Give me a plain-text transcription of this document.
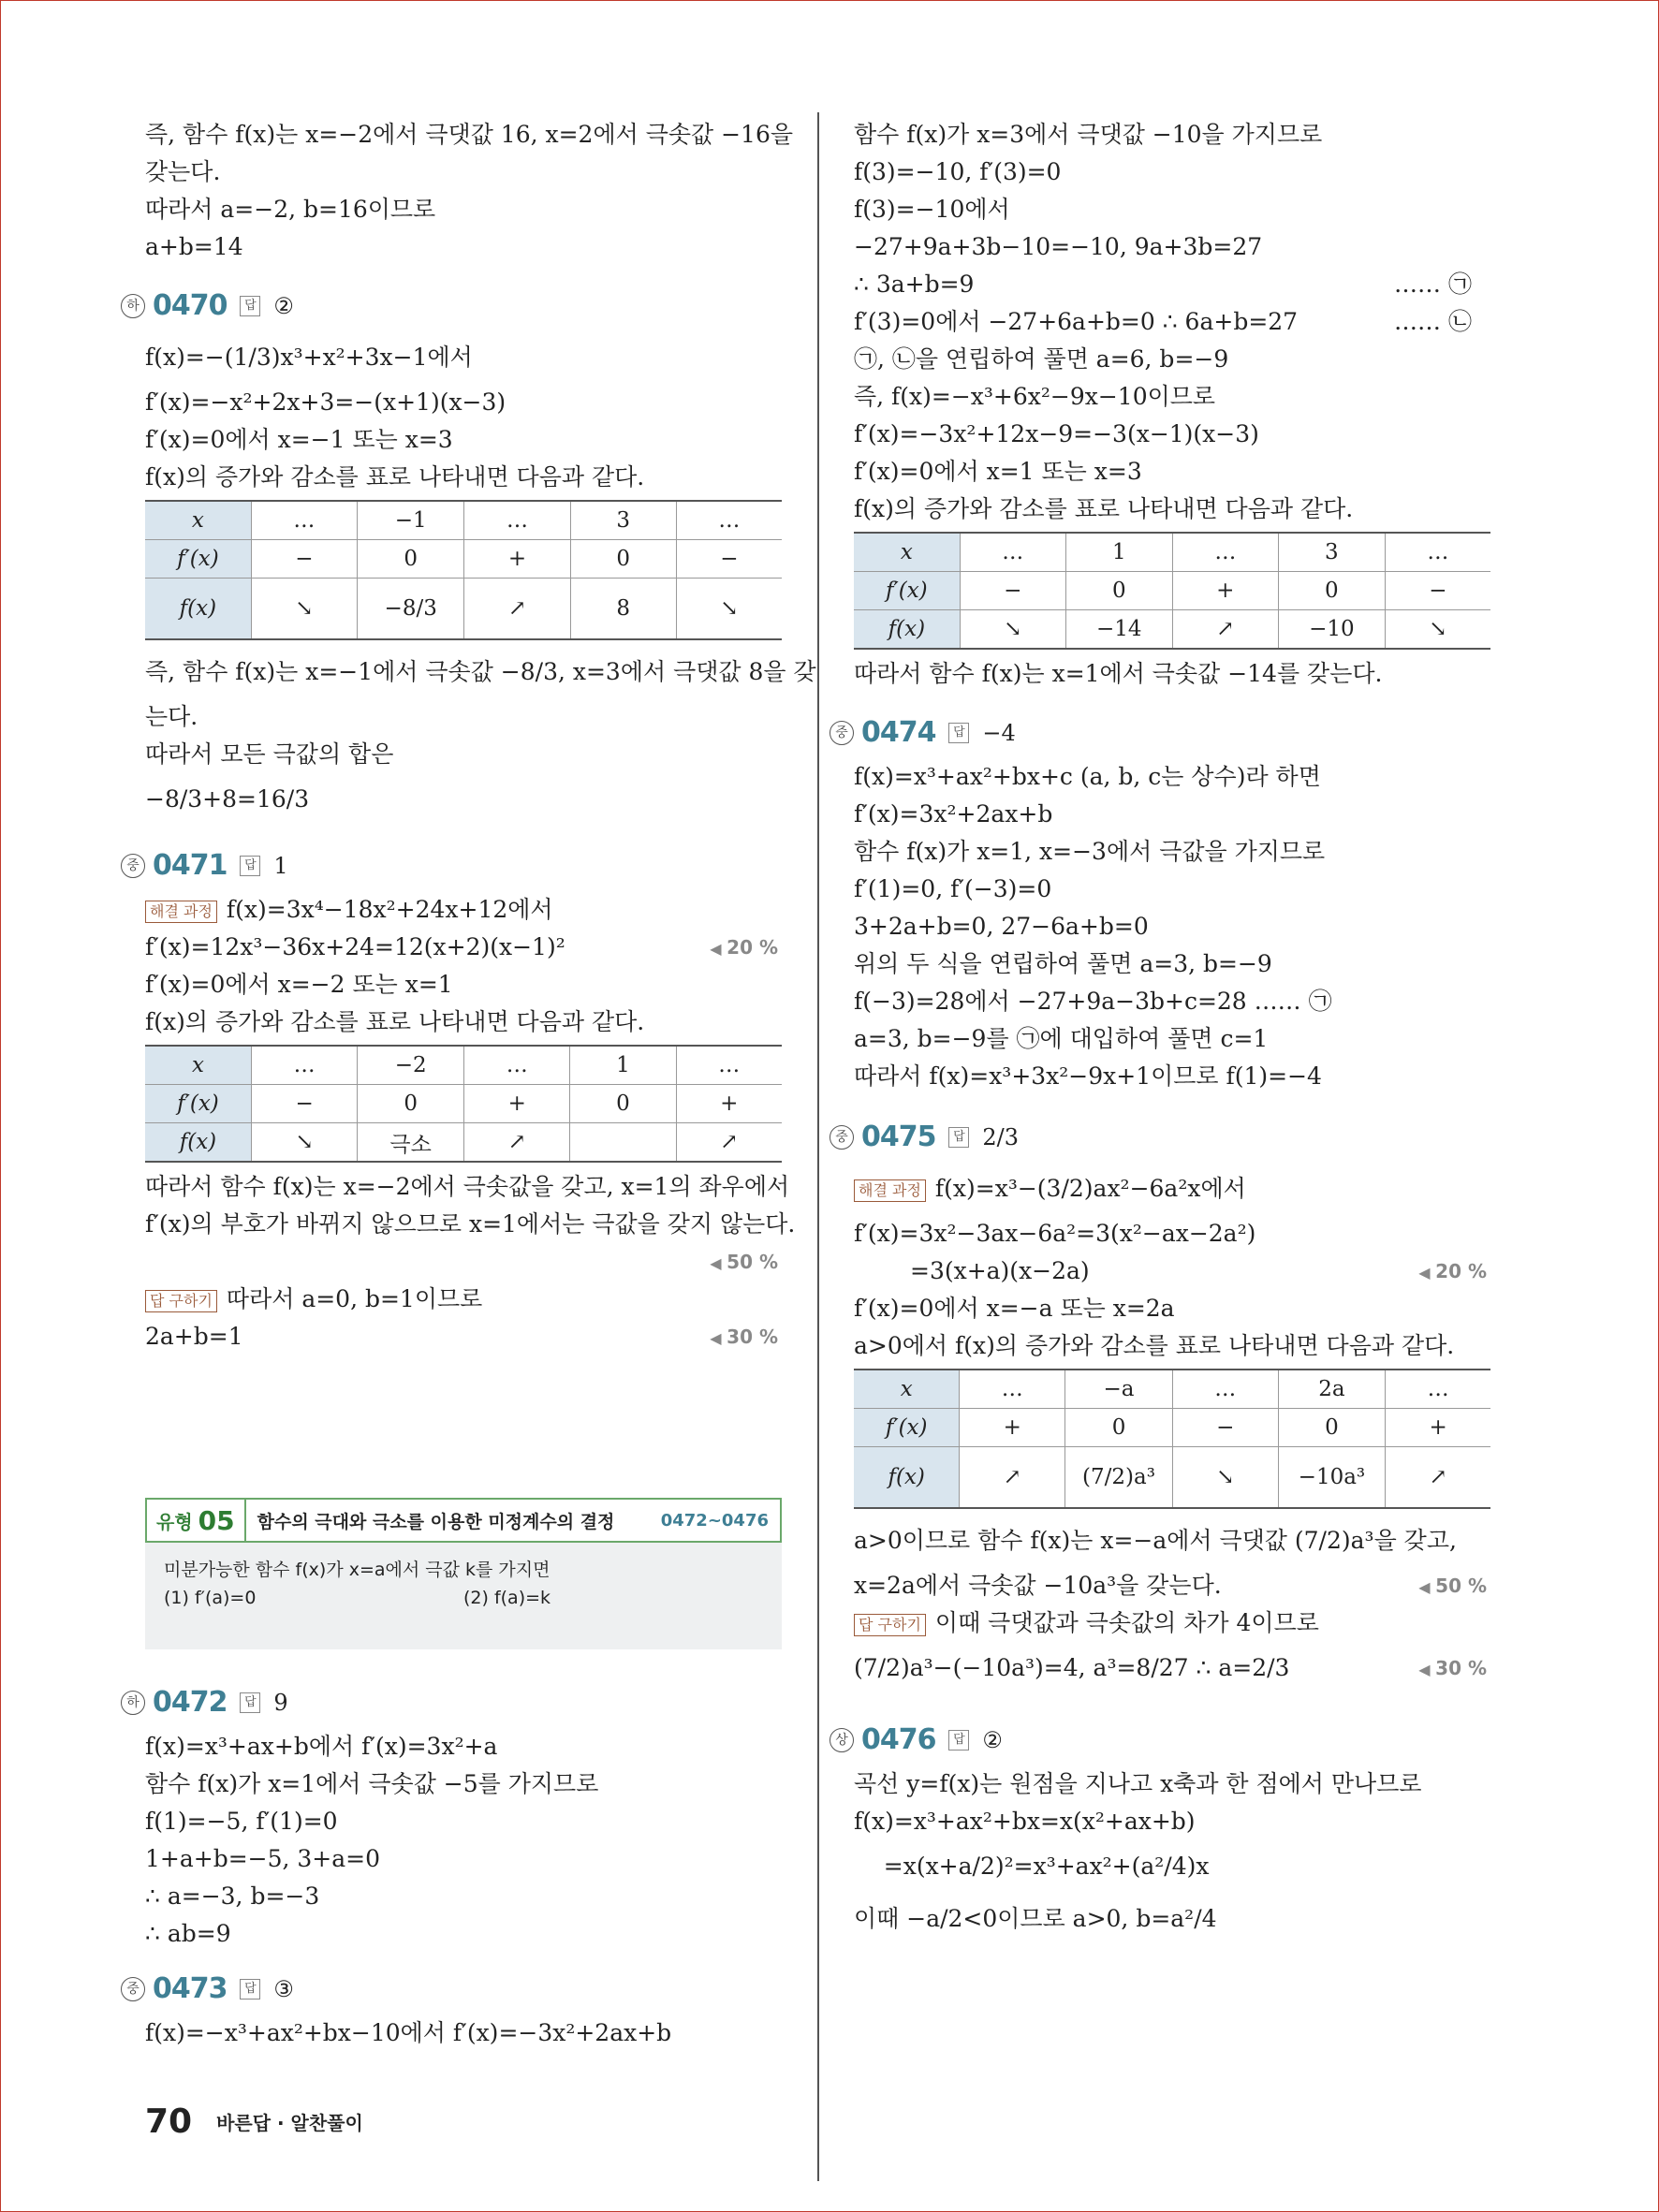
즉, 함수 f(x)는 x=−2에서 극댓값 16, x=2에서 극솟값 −16을
갖는다.
따라서 a=−2, b=16이므로
a+b=14
하 0470 답 ②
f(x)=−(1/3)x³+x²+3x−1에서
f′(x)=−x²+2x+3=−(x+1)(x−3)
f′(x)=0에서 x=−1 또는 x=3
f(x)의 증가와 감소를 표로 나타내면 다음과 같다.
x	…	−1	…	3	…
f′(x)	−	0	+	0	−
f(x)	↘	−8/3	↗	8	↘
즉, 함수 f(x)는 x=−1에서 극솟값 −8/3, x=3에서 극댓값 8을 갖
는다.
따라서 모든 극값의 합은
−8/3+8=16/3
중 0471 답 1
해결 과정 f(x)=3x⁴−18x²+24x+12에서
f′(x)=12x³−36x+24=12(x+2)(x−1)²	◀ 20 %
f′(x)=0에서 x=−2 또는 x=1
f(x)의 증가와 감소를 표로 나타내면 다음과 같다.
x	…	−2	…	1	…
f′(x)	−	0	+	0	+
f(x)	↘	극소	↗		↗
따라서 함수 f(x)는 x=−2에서 극솟값을 갖고, x=1의 좌우에서
f′(x)의 부호가 바뀌지 않으므로 x=1에서는 극값을 갖지 않는다.
◀ 50 %
답 구하기 따라서 a=0, b=1이므로
2a+b=1	◀ 30 %
유형 05	함수의 극대와 극소를 이용한 미정계수의 결정	0472~0476
미분가능한 함수 f(x)가 x=a에서 극값 k를 가지면
(1) f′(a)=0	(2) f(a)=k
하 0472 답 9
f(x)=x³+ax+b에서 f′(x)=3x²+a
함수 f(x)가 x=1에서 극솟값 −5를 가지므로
f(1)=−5, f′(1)=0
1+a+b=−5, 3+a=0
∴ a=−3, b=−3
∴ ab=9
중 0473 답 ③
f(x)=−x³+ax²+bx−10에서 f′(x)=−3x²+2ax+b
함수 f(x)가 x=3에서 극댓값 −10을 가지므로
f(3)=−10, f′(3)=0
f(3)=−10에서
−27+9a+3b−10=−10, 9a+3b=27
∴ 3a+b=9	…… ㉠
f′(3)=0에서 −27+6a+b=0 ∴ 6a+b=27	…… ㉡
㉠, ㉡을 연립하여 풀면 a=6, b=−9
즉, f(x)=−x³+6x²−9x−10이므로
f′(x)=−3x²+12x−9=−3(x−1)(x−3)
f′(x)=0에서 x=1 또는 x=3
f(x)의 증가와 감소를 표로 나타내면 다음과 같다.
x	…	1	…	3	…
f′(x)	−	0	+	0	−
f(x)	↘	−14	↗	−10	↘
따라서 함수 f(x)는 x=1에서 극솟값 −14를 갖는다.
중 0474 답 −4
f(x)=x³+ax²+bx+c (a, b, c는 상수)라 하면
f′(x)=3x²+2ax+b
함수 f(x)가 x=1, x=−3에서 극값을 가지므로
f′(1)=0, f′(−3)=0
3+2a+b=0, 27−6a+b=0
위의 두 식을 연립하여 풀면 a=3, b=−9
f(−3)=28에서 −27+9a−3b+c=28 …… ㉠
a=3, b=−9를 ㉠에 대입하여 풀면 c=1
따라서 f(x)=x³+3x²−9x+1이므로 f(1)=−4
중 0475 답 2/3
해결 과정 f(x)=x³−(3/2)ax²−6a²x에서
f′(x)=3x²−3ax−6a²=3(x²−ax−2a²)
=3(x+a)(x−2a)	◀ 20 %
f′(x)=0에서 x=−a 또는 x=2a
a>0에서 f(x)의 증가와 감소를 표로 나타내면 다음과 같다.
x	…	−a	…	2a	…
f′(x)	+	0	−	0	+
f(x)	↗	(7/2)a³	↘	−10a³	↗
a>0이므로 함수 f(x)는 x=−a에서 극댓값 (7/2)a³을 갖고,
x=2a에서 극솟값 −10a³을 갖는다.	◀ 50 %
답 구하기 이때 극댓값과 극솟값의 차가 4이므로
(7/2)a³−(−10a³)=4, a³=8/27 ∴ a=2/3	◀ 30 %
상 0476 답 ②
곡선 y=f(x)는 원점을 지나고 x축과 한 점에서 만나므로
f(x)=x³+ax²+bx=x(x²+ax+b)
=x(x+a/2)²=x³+ax²+(a²/4)x
이때 −a/2<0이므로 a>0, b=a²/4
70 바른답 · 알찬풀이
